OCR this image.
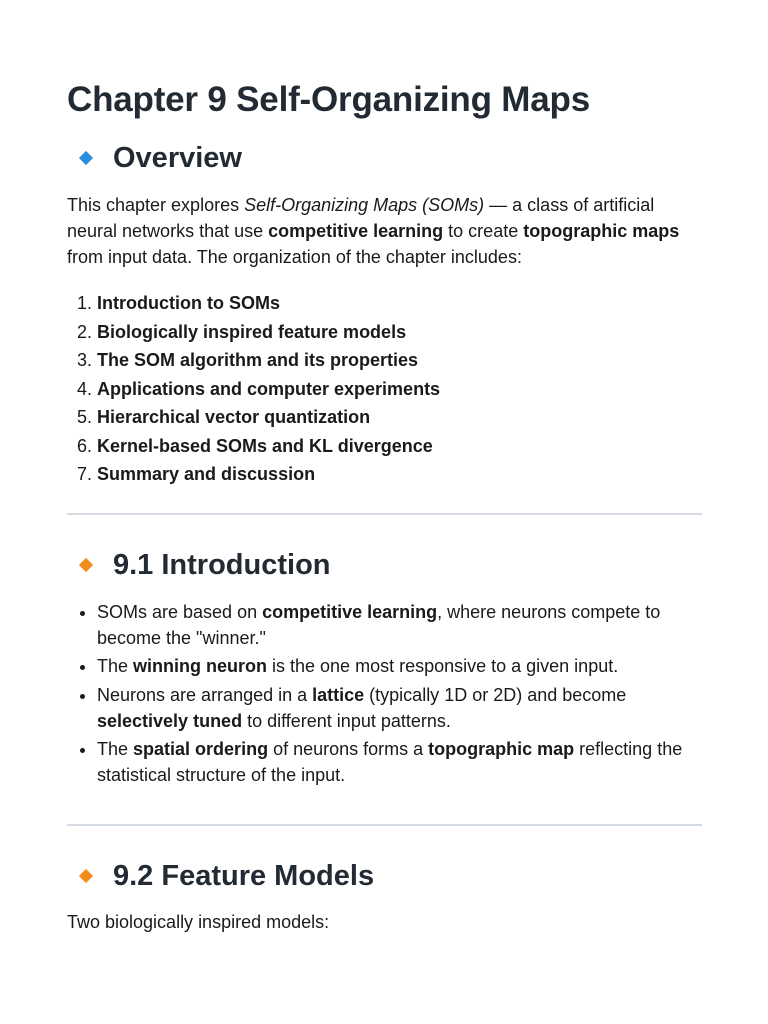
Chapter 9 Self-Organizing Maps
Overview

This chapter explores Self-Organizing Maps (SOMs) — a class of artificial neural networks that use competitive learning to create topographic maps from input data. The organization of the chapter includes:

1. Introduction to SOMs
2. Biologically inspired feature models
3. The SOM algorithm and its properties
4. Applications and computer experiments
5. Hierarchical vector quantization
6. Kernel-based SOMs and KL divergence
7. Summary and discussion
9.1 Introduction
• SOMs are based on competitive learning, where neurons compete to become the "winner."
• The winning neuron is the one most responsive to a given input.
• Neurons are arranged in a lattice (typically 1D or 2D) and become selectively tuned to different input patterns.
• The spatial ordering of neurons forms a topographic map reflecting the statistical structure of the input.
9.2 Feature Models

Two biologically inspired models:
